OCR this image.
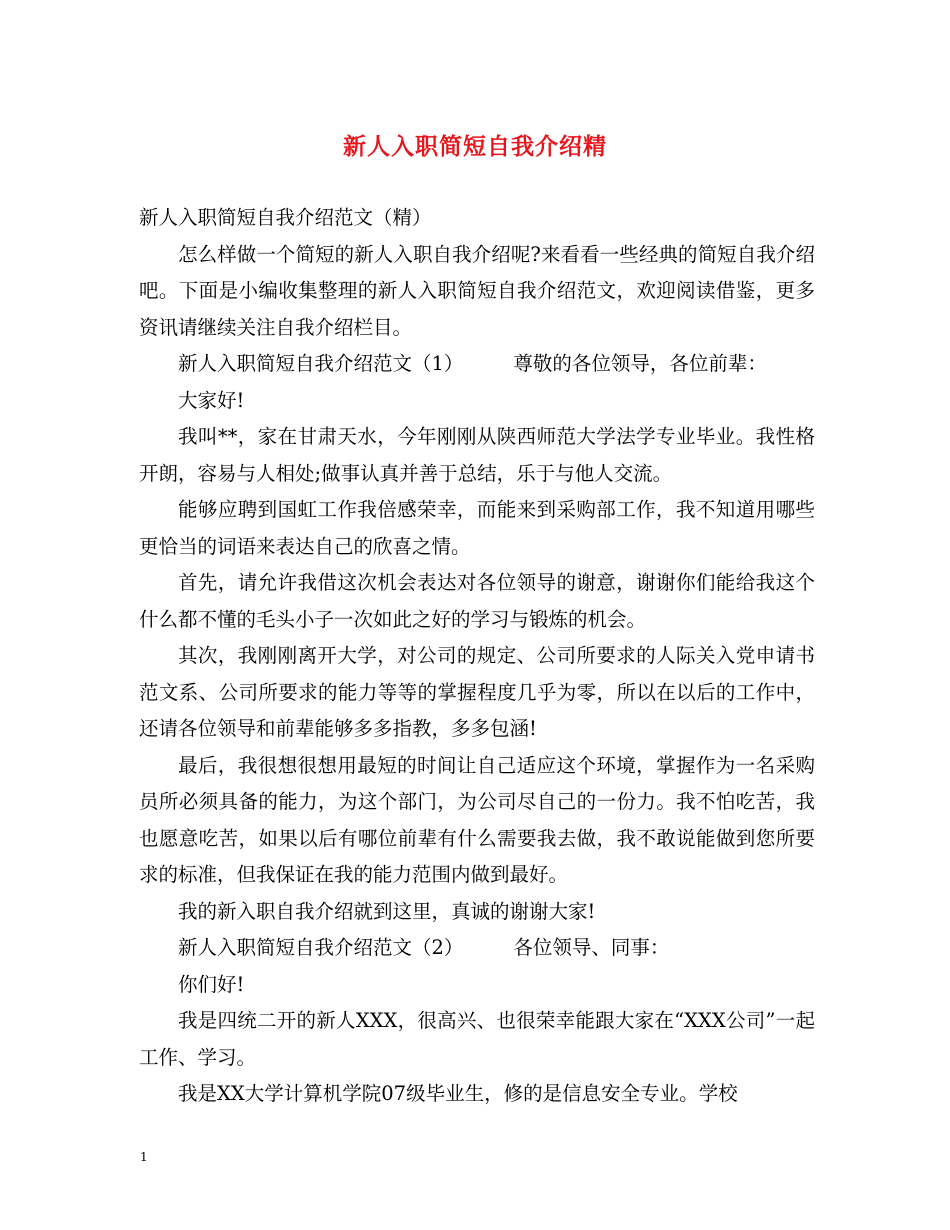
新人入职简短自我介绍精

新人入职简短自我介绍范文（精）

怎么样做一个简短的新人入职自我介绍呢?来看看一些经典的简短自我介绍吧。下面是小编收集整理的新人入职简短自我介绍范文，欢迎阅读借鉴，更多资讯请继续关注自我介绍栏目。

新人入职简短自我介绍范文（1）	尊敬的各位领导，各位前辈：

大家好!

我叫**，家在甘肃天水，今年刚刚从陕西师范大学法学专业毕业。我性格开朗，容易与人相处;做事认真并善于总结，乐于与他人交流。

能够应聘到国虹工作我倍感荣幸，而能来到采购部工作，我不知道用哪些更恰当的词语来表达自己的欣喜之情。

首先，请允许我借这次机会表达对各位领导的谢意，谢谢你们能给我这个什么都不懂的毛头小子一次如此之好的学习与锻炼的机会。

其次，我刚刚离开大学，对公司的规定、公司所要求的人际关入党申请书范文系、公司所要求的能力等等的掌握程度几乎为零，所以在以后的工作中，还请各位领导和前辈能够多多指教，多多包涵!

最后，我很想很想用最短的时间让自己适应这个环境，掌握作为一名采购员所必须具备的能力，为这个部门，为公司尽自己的一份力。我不怕吃苦，我也愿意吃苦，如果以后有哪位前辈有什么需要我去做，我不敢说能做到您所要求的标准，但我保证在我的能力范围内做到最好。

我的新入职自我介绍就到这里，真诚的谢谢大家!

新人入职简短自我介绍范文（2）	各位领导、同事：

你们好!

我是四统二开的新人XXX，很高兴、也很荣幸能跟大家在“XXX公司”一起工作、学习。

我是XX大学计算机学院07级毕业生，修的是信息安全专业。学校

1
